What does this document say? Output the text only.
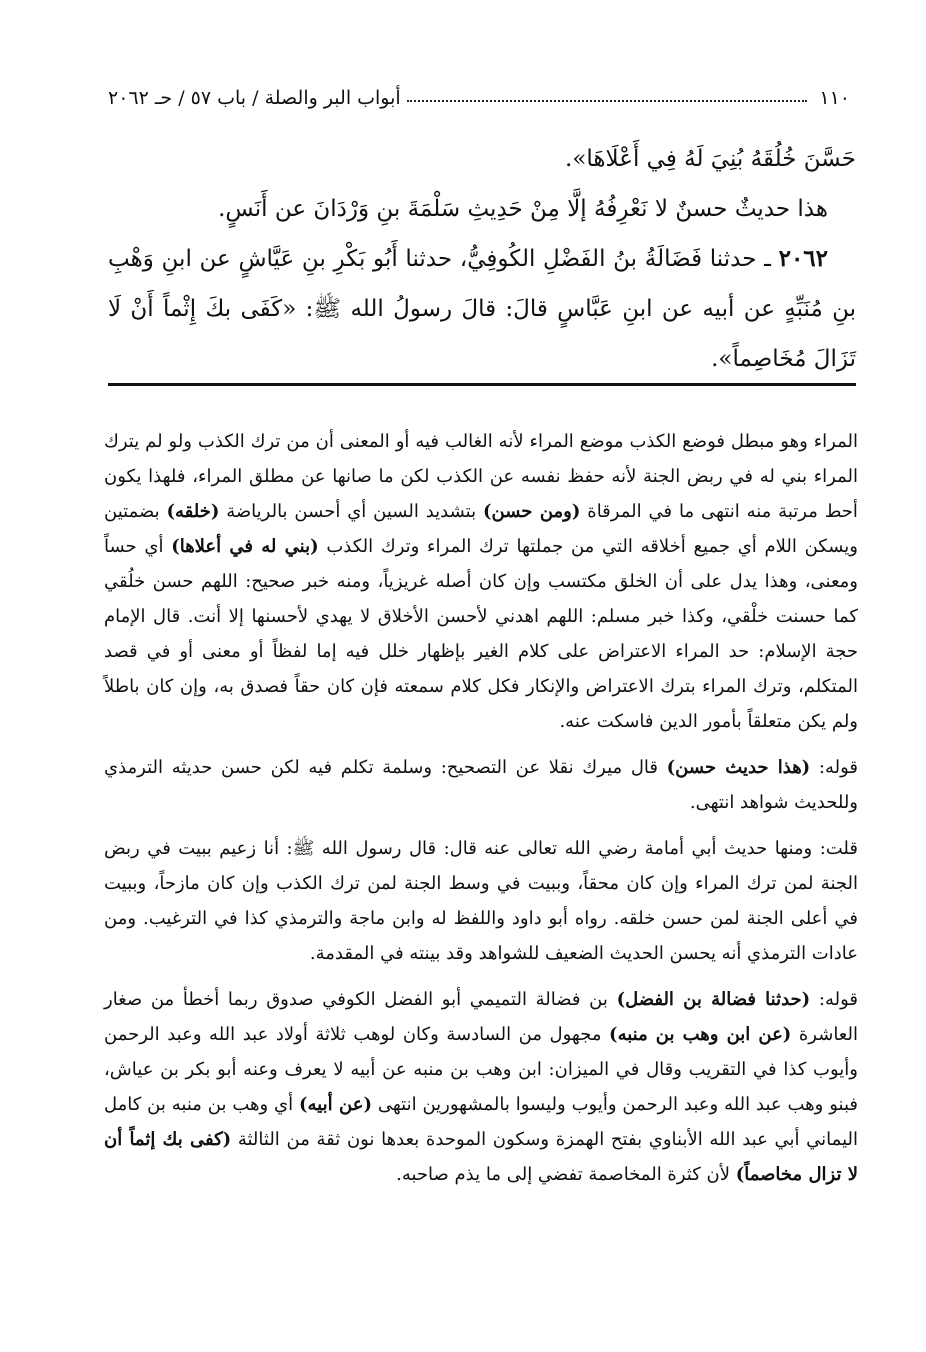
١١٠
أبواب البر والصلة / باب ٥٧ / حـ ٢٠٦٢

حَسَّنَ خُلُقَهُ بُنِيَ لَهُ فِي أَعْلَاهَا».

هذا حديثٌ حسنٌ لا نَعْرِفُهُ إلَّا مِنْ حَدِيثِ سَلْمَةَ بنِ وَرْدَانَ عن أَنَسٍ.

٢٠٦٢ ـ حدثنا فَضَالَةُ بنُ الفَضْلِ الكُوفِيُّ، حدثنا أَبُو بَكْرِ بنِ عَيَّاشٍ عن ابنِ وَهْبِ بنِ مُنَبِّهٍ عن أبيه عن ابنِ عَبَّاسٍ قالَ: قالَ رسولُ الله ﷺ: «كَفَى بكَ إِثْماً أَنْ لَا تَزَالَ مُخَاصِماً».

المراء وهو مبطل فوضع الكذب موضع المراء لأنه الغالب فيه أو المعنى أن من ترك الكذب ولو لم يترك المراء بني له في ربض الجنة لأنه حفظ نفسه عن الكذب لكن ما صانها عن مطلق المراء، فلهذا يكون أحط مرتبة منه انتهى ما في المرقاة (ومن حسن) بتشديد السين أي أحسن بالرياضة (خلقه) بضمتين ويسكن اللام أي جميع أخلاقه التي من جملتها ترك المراء وترك الكذب (بني له في أعلاها) أي حساً ومعنى، وهذا يدل على أن الخلق مكتسب وإن كان أصله غريزياً، ومنه خبر صحيح: اللهم حسن خلُقي كما حسنت خلْقي، وكذا خبر مسلم: اللهم اهدني لأحسن الأخلاق لا يهدي لأحسنها إلا أنت. قال الإمام حجة الإسلام: حد المراء الاعتراض على كلام الغير بإظهار خلل فيه إما لفظاً أو معنى أو في قصد المتكلم، وترك المراء بترك الاعتراض والإنكار فكل كلام سمعته فإن كان حقاً فصدق به، وإن كان باطلاً ولم يكن متعلقاً بأمور الدين فاسكت عنه.

قوله: (هذا حديث حسن) قال ميرك نقلا عن التصحيح: وسلمة تكلم فيه لكن حسن حديثه الترمذي وللحديث شواهد انتهى.

قلت: ومنها حديث أبي أمامة رضي الله تعالى عنه قال: قال رسول الله ﷺ: أنا زعيم ببيت في ربض الجنة لمن ترك المراء وإن كان محقاً، وببيت في وسط الجنة لمن ترك الكذب وإن كان مازحاً، وببيت في أعلى الجنة لمن حسن خلقه. رواه أبو داود واللفظ له وابن ماجة والترمذي كذا في الترغيب. ومن عادات الترمذي أنه يحسن الحديث الضعيف للشواهد وقد بينته في المقدمة.

قوله: (حدثنا فضالة بن الفضل) بن فضالة التميمي أبو الفضل الكوفي صدوق ربما أخطأ من صغار العاشرة (عن ابن وهب بن منبه) مجهول من السادسة وكان لوهب ثلاثة أولاد عبد الله وعبد الرحمن وأيوب كذا في التقريب وقال في الميزان: ابن وهب بن منبه عن أبيه لا يعرف وعنه أبو بكر بن عياش، فبنو وهب عبد الله وعبد الرحمن وأيوب وليسوا بالمشهورين انتهى (عن أبيه) أي وهب بن منبه بن كامل اليماني أبي عبد الله الأبناوي بفتح الهمزة وسكون الموحدة بعدها نون ثقة من الثالثة (كفى بك إثماً أن لا تزال مخاصماً) لأن كثرة المخاصمة تفضي إلى ما يذم صاحبه.
